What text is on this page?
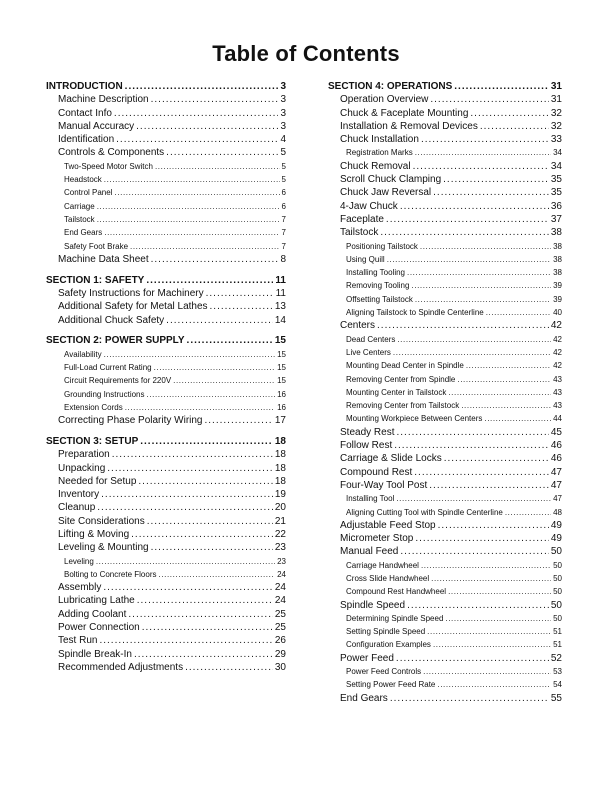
Table of Contents
INTRODUCTION .....	3
Machine Description .....	3
Contact Info .....	3
Manual Accuracy .....	3
Identification .....	4
Controls & Components .....	5
Two-Speed Motor Switch .....	5
Headstock .....	5
Control Panel .....	6
Carriage .....	6
Tailstock .....	7
End Gears .....	7
Safety Foot Brake .....	7
Machine Data Sheet .....	8
SECTION 1: SAFETY .....	11
Safety Instructions for Machinery .....	11
Additional Safety for Metal Lathes .....	13
Additional Chuck Safety .....	14
SECTION 2: POWER SUPPLY .....	15
Availability .....	15
Full-Load Current Rating .....	15
Circuit Requirements for 220V .....	15
Grounding Instructions .....	16
Extension Cords .....	16
Correcting Phase Polarity Wiring .....	17
SECTION 3: SETUP .....	18
Preparation .....	18
Unpacking .....	18
Needed for Setup .....	18
Inventory .....	19
Cleanup .....	20
Site Considerations .....	21
Lifting & Moving .....	22
Leveling & Mounting .....	23
Leveling .....	23
Bolting to Concrete Floors .....	24
Assembly .....	24
Lubricating Lathe .....	24
Adding Coolant .....	25
Power Connection .....	25
Test Run .....	26
Spindle Break-In .....	29
Recommended Adjustments .....	30
SECTION 4: OPERATIONS .....	31
Operation Overview .....	31
Chuck & Faceplate Mounting .....	32
Installation & Removal Devices .....	32
Chuck Installation .....	33
Registration Marks .....	34
Chuck Removal .....	34
Scroll Chuck Clamping .....	35
Chuck Jaw Reversal .....	35
4-Jaw Chuck .....	36
Faceplate .....	37
Tailstock .....	38
Positioning Tailstock .....	38
Using Quill .....	38
Installing Tooling .....	38
Removing Tooling .....	39
Offsetting Tailstock .....	39
Aligning Tailstock to Spindle Centerline .....	40
Centers .....	42
Dead Centers .....	42
Live Centers .....	42
Mounting Dead Center in Spindle .....	42
Removing Center from Spindle .....	43
Mounting Center in Tailstock .....	43
Removing Center from Tailstock .....	43
Mounting Workpiece Between Centers .....	44
Steady Rest .....	45
Follow Rest .....	46
Carriage & Slide Locks .....	46
Compound Rest .....	47
Four-Way Tool Post .....	47
Installing Tool .....	47
Aligning Cutting Tool with Spindle Centerline .....	48
Adjustable Feed Stop .....	49
Micrometer Stop .....	49
Manual Feed .....	50
Carriage Handwheel .....	50
Cross Slide Handwheel .....	50
Compound Rest Handwheel .....	50
Spindle Speed .....	50
Determining Spindle Speed .....	50
Setting Spindle Speed .....	51
Configuration Examples .....	51
Power Feed .....	52
Power Feed Controls .....	53
Setting Power Feed Rate .....	54
End Gears .....	55
